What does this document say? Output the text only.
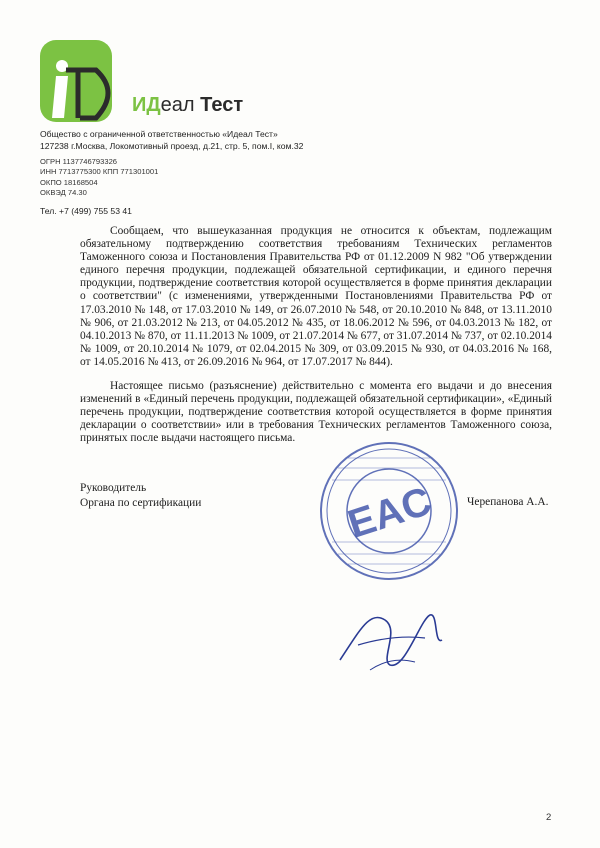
ИДеал Тест
Общество с ограниченной ответственностью «Идеал Тест»
127238 г.Москва, Локомотивный проезд, д.21, стр. 5, пом.I, ком.32
ОГРН 1137746793326
ИНН 7713775300 КПП 771301001
ОКПО 18168504
ОКВЭД 74.30
Тел. +7 (499) 755 53 41

Сообщаем, что вышеуказанная продукция не относится к объектам, подлежащим обязательному подтверждению соответствия требованиям Технических регламентов Таможенного союза и Постановления Правительства РФ от 01.12.2009 N 982 "Об утверждении единого перечня продукции, подлежащей обязательной сертификации, и единого перечня продукции, подтверждение соответствия которой осуществляется в форме принятия декларации о соответствии" (с изменениями, утвержденными Постановлениями Правительства РФ от 17.03.2010 № 148, от 17.03.2010 № 149, от 26.07.2010 № 548, от 20.10.2010 № 848, от 13.11.2010 № 906, от 21.03.2012 № 213, от 04.05.2012 № 435, от 18.06.2012 № 596, от 04.03.2013 № 182, от 04.10.2013 № 870, от 11.11.2013 № 1009, от 21.07.2014 № 677, от 31.07.2014 № 737, от 02.10.2014 № 1009, от 20.10.2014 № 1079, от 02.04.2015 № 309, от 03.09.2015 № 930, от 04.03.2016 № 168, от 14.05.2016 № 413, от 26.09.2016 № 964, от 17.07.2017 № 844).

Настоящее письмо (разъяснение) действительно с момента его выдачи и до внесения изменений в «Единый перечень продукции, подлежащей обязательной сертификации», «Единый перечень продукции, подтверждение соответствия которой осуществляется в форме принятия декларации о соответствии» или в требования Технических регламентов Таможенного союза, принятых после выдачи настоящего письма.

EAC
Руководитель
Органа по сертификации	Черепанова А.А.
2
